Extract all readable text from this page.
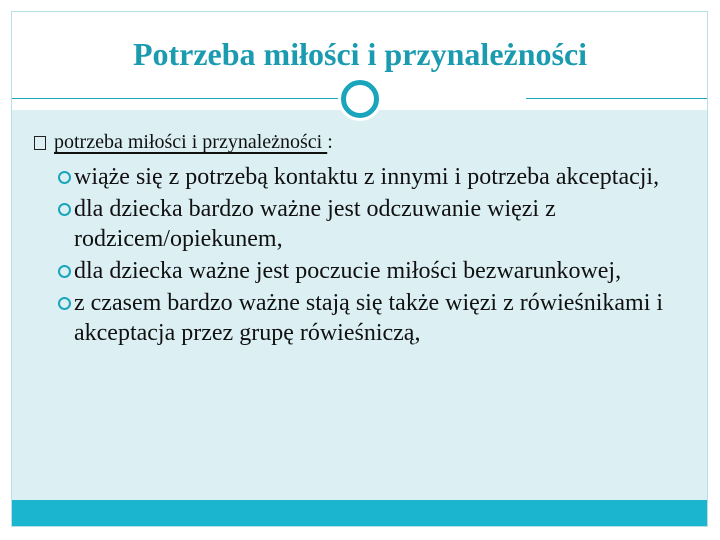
Potrzeba miłości i przynależności
potrzeba miłości i przynależności :
wiąże się z potrzebą kontaktu z innymi i potrzeba akceptacji,
dla dziecka bardzo ważne jest odczuwanie więzi z rodzicem/opiekunem,
dla dziecka ważne jest poczucie miłości bezwarunkowej,
z czasem bardzo ważne stają się także więzi z rówieśnikami i akceptacja przez grupę rówieśniczą,
